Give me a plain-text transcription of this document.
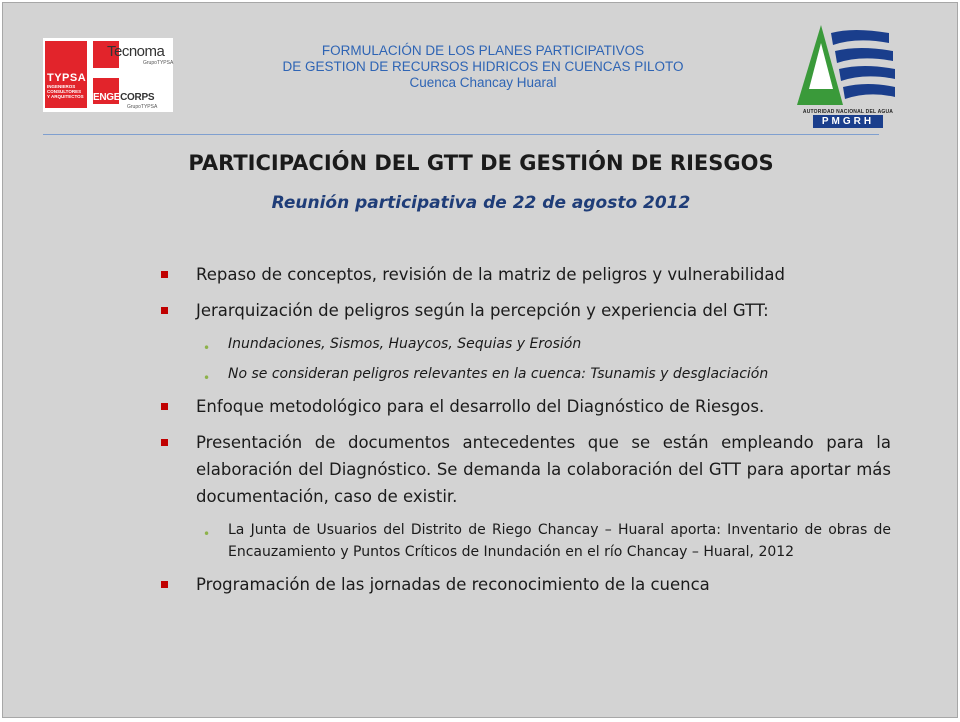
TYPSA
INGENIEROS
CONSULTORES
Y ARQUITECTOS
Tecnoma
GrupoTYPSA
ENGECORPS
GrupoTYPSA
FORMULACIÓN DE LOS PLANES PARTICIPATIVOS
DE GESTION DE RECURSOS HIDRICOS EN CUENCAS PILOTO
Cuenca Chancay Huaral
AUTORIDAD NACIONAL DEL AGUA
PMGRH
PARTICIPACIÓN DEL GTT DE GESTIÓN DE RIESGOS
Reunión participativa de 22 de agosto 2012
Repaso de conceptos, revisión de la matriz de peligros y vulnerabilidad
Jerarquización de peligros según la percepción y experiencia del GTT:
• Inundaciones, Sismos, Huaycos, Sequias y Erosión
• No se consideran peligros relevantes en la cuenca: Tsunamis y desglaciación
Enfoque metodológico para el desarrollo del Diagnóstico de Riesgos.
Presentación de documentos antecedentes que se están empleando para la elaboración del Diagnóstico. Se demanda la colaboración del GTT para aportar más documentación, caso de existir.
• La Junta de Usuarios del Distrito de Riego Chancay – Huaral aporta: Inventario de obras de Encauzamiento y Puntos Críticos de Inundación en el río Chancay – Huaral, 2012
Programación de las jornadas de reconocimiento de la cuenca
